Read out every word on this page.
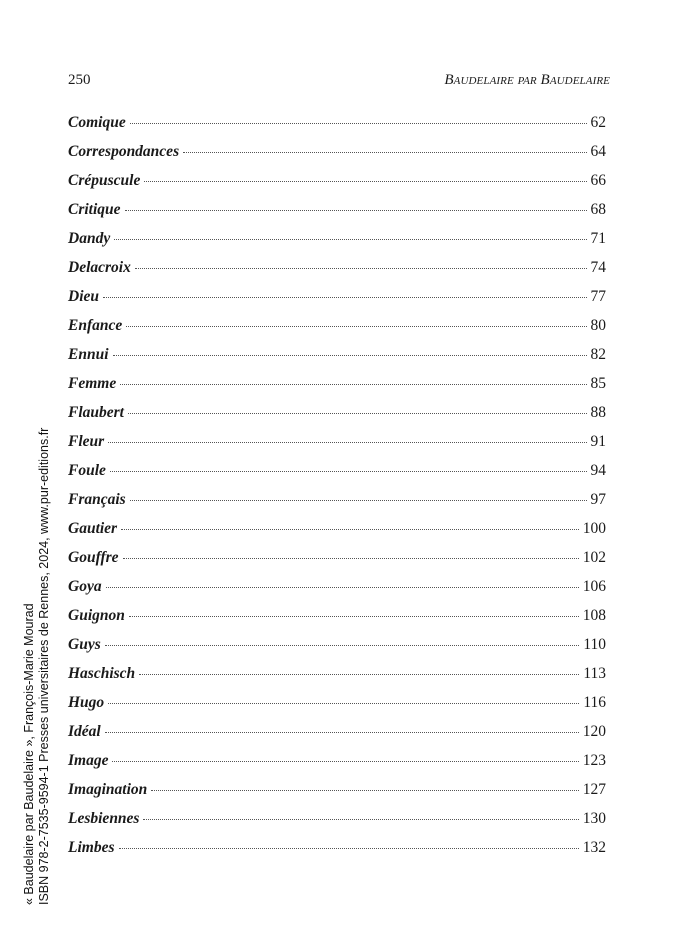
250	Baudelaire par Baudelaire
Comique	62
Correspondances	64
Crépuscule	66
Critique	68
Dandy	71
Delacroix	74
Dieu	77
Enfance	80
Ennui	82
Femme	85
Flaubert	88
Fleur	91
Foule	94
Français	97
Gautier	100
Gouffre	102
Goya	106
Guignon	108
Guys	110
Haschisch	113
Hugo	116
Idéal	120
Image	123
Imagination	127
Lesbiennes	130
Limbes	132
« Baudelaire par Baudelaire », François-Marie Mourad ISBN 978-2-7535-9594-1 Presses universitaires de Rennes, 2024, www.pur-editions.fr
